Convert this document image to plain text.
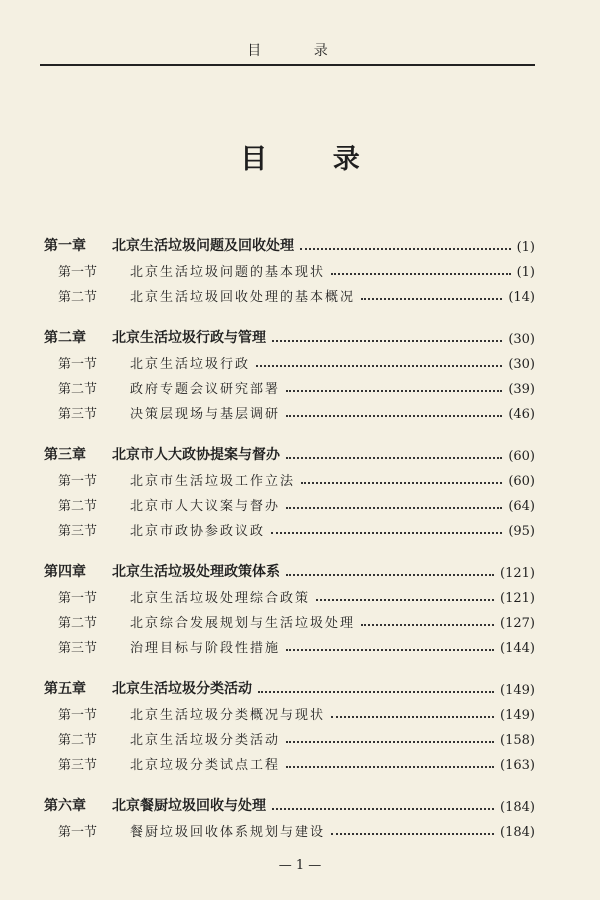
目 录
目 录
第一章	北京生活垃圾问题及回收处理	(1)
第一节	北京生活垃圾问题的基本现状	(1)
第二节	北京生活垃圾回收处理的基本概况	(14)
第二章	北京生活垃圾行政与管理	(30)
第一节	北京生活垃圾行政	(30)
第二节	政府专题会议研究部署	(39)
第三节	决策层现场与基层调研	(46)
第三章	北京市人大政协提案与督办	(60)
第一节	北京市生活垃圾工作立法	(60)
第二节	北京市人大议案与督办	(64)
第三节	北京市政协参政议政	(95)
第四章	北京生活垃圾处理政策体系	(121)
第一节	北京生活垃圾处理综合政策	(121)
第二节	北京综合发展规划与生活垃圾处理	(127)
第三节	治理目标与阶段性措施	(144)
第五章	北京生活垃圾分类活动	(149)
第一节	北京生活垃圾分类概况与现状	(149)
第二节	北京生活垃圾分类活动	(158)
第三节	北京垃圾分类试点工程	(163)
第六章	北京餐厨垃圾回收与处理	(184)
第一节	餐厨垃圾回收体系规划与建设	(184)
— 1 —
